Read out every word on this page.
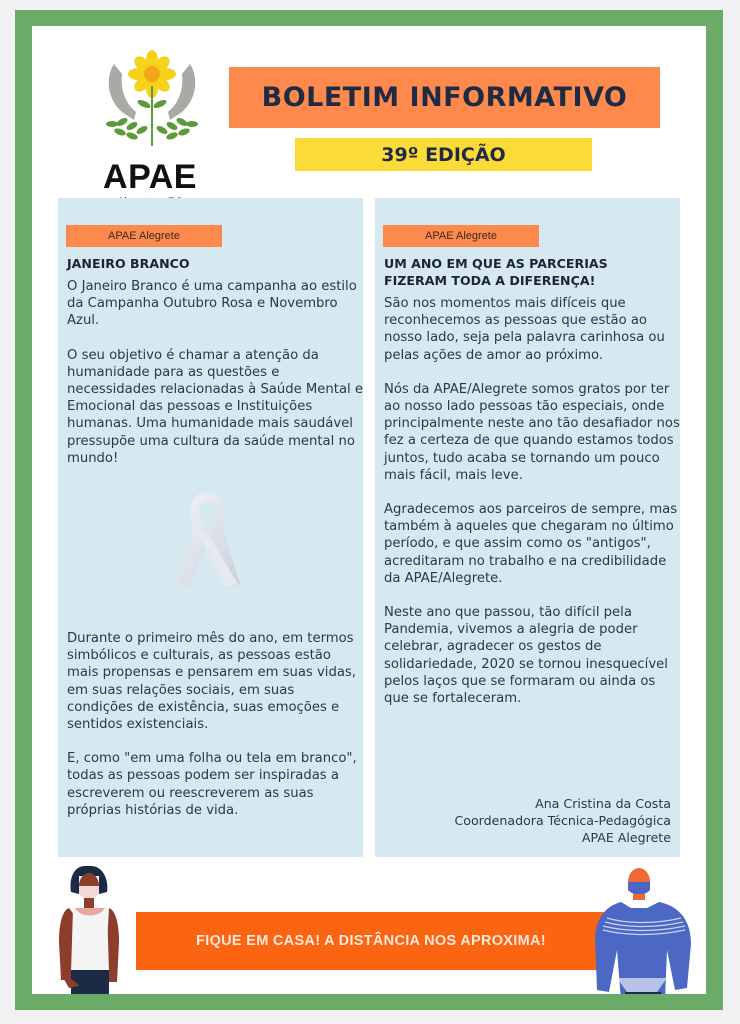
APAE
BOLETIM INFORMATIVO
39º EDIÇÃO
APAE Alegrete
JANEIRO BRANCO

O Janeiro Branco é uma campanha ao estilo da Campanha Outubro Rosa e Novembro Azul.

O seu objetivo é chamar a atenção da humanidade para as questões e necessidades relacionadas à Saúde Mental e Emocional das pessoas e Instituições humanas. Uma humanidade mais saudável pressupõe uma cultura da saúde mental no mundo!

Durante o primeiro mês do ano, em termos simbólicos e culturais, as pessoas estão mais propensas e pensarem em suas vidas, em suas relações sociais, em suas condições de existência, suas emoções e sentidos existenciais.

E, como "em uma folha ou tela em branco", todas as pessoas podem ser inspiradas a escreverem ou reescreverem as suas próprias histórias de vida.

APAE Alegrete
UM ANO EM QUE AS PARCERIAS
FIZERAM TODA A DIFERENÇA!

São nos momentos mais difíceis que reconhecemos as pessoas que estão ao nosso lado, seja pela palavra carinhosa ou pelas ações de amor ao próximo.

Nós da APAE/Alegrete somos gratos por ter ao nosso lado pessoas tão especiais, onde principalmente neste ano tão desafiador nos fez a certeza de que quando estamos todos juntos, tudo acaba se tornando um pouco mais fácil, mais leve.

Agradecemos aos parceiros de sempre, mas também à aqueles que chegaram no último período, e que assim como os "antigos", acreditaram no trabalho e na credibilidade da APAE/Alegrete.

Neste ano que passou, tão difícil pela Pandemia, vivemos a alegria de poder celebrar, agradecer os gestos de solidariedade, 2020 se tornou inesquecível pelos laços que se formaram ou ainda os que se fortaleceram.

Ana Cristina da Costa
Coordenadora Técnica-Pedagógica
APAE Alegrete
FIQUE EM CASA! A DISTÂNCIA NOS APROXIMA!
